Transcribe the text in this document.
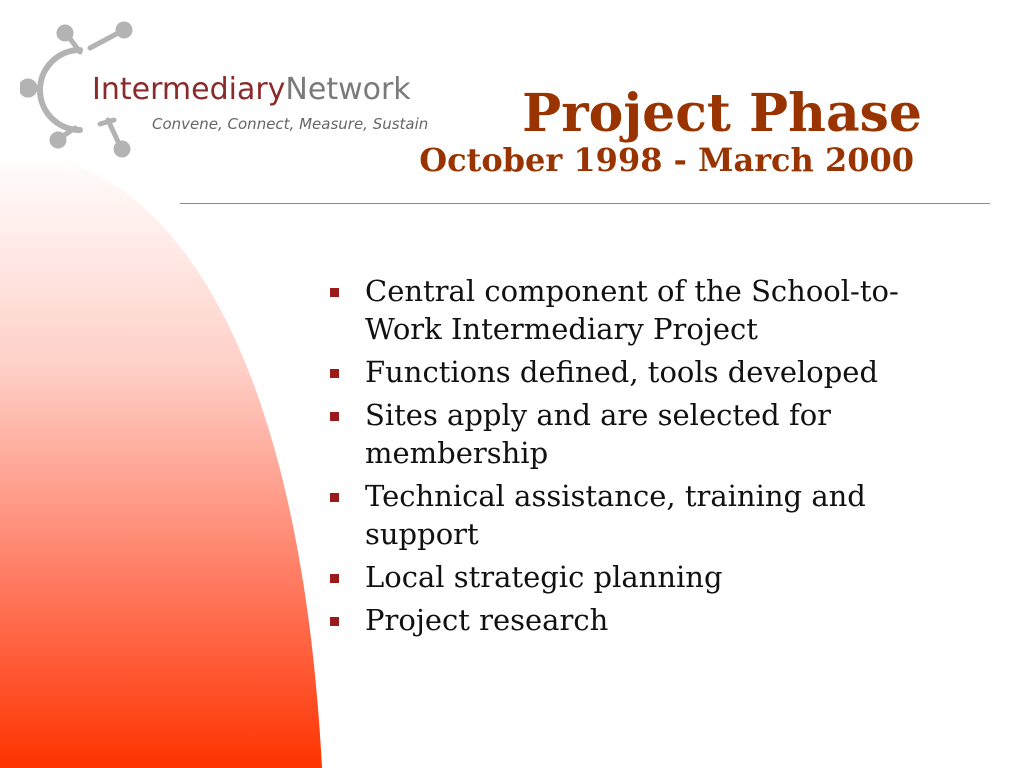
IntermediaryNetwork
Convene, Connect, Measure, Sustain Project Phase
October 1998 - March 2000
Central component of the School-to-Work Intermediary Project
Functions defined, tools developed
Sites apply and are selected for membership
Technical assistance, training and support
Local strategic planning
Project research
